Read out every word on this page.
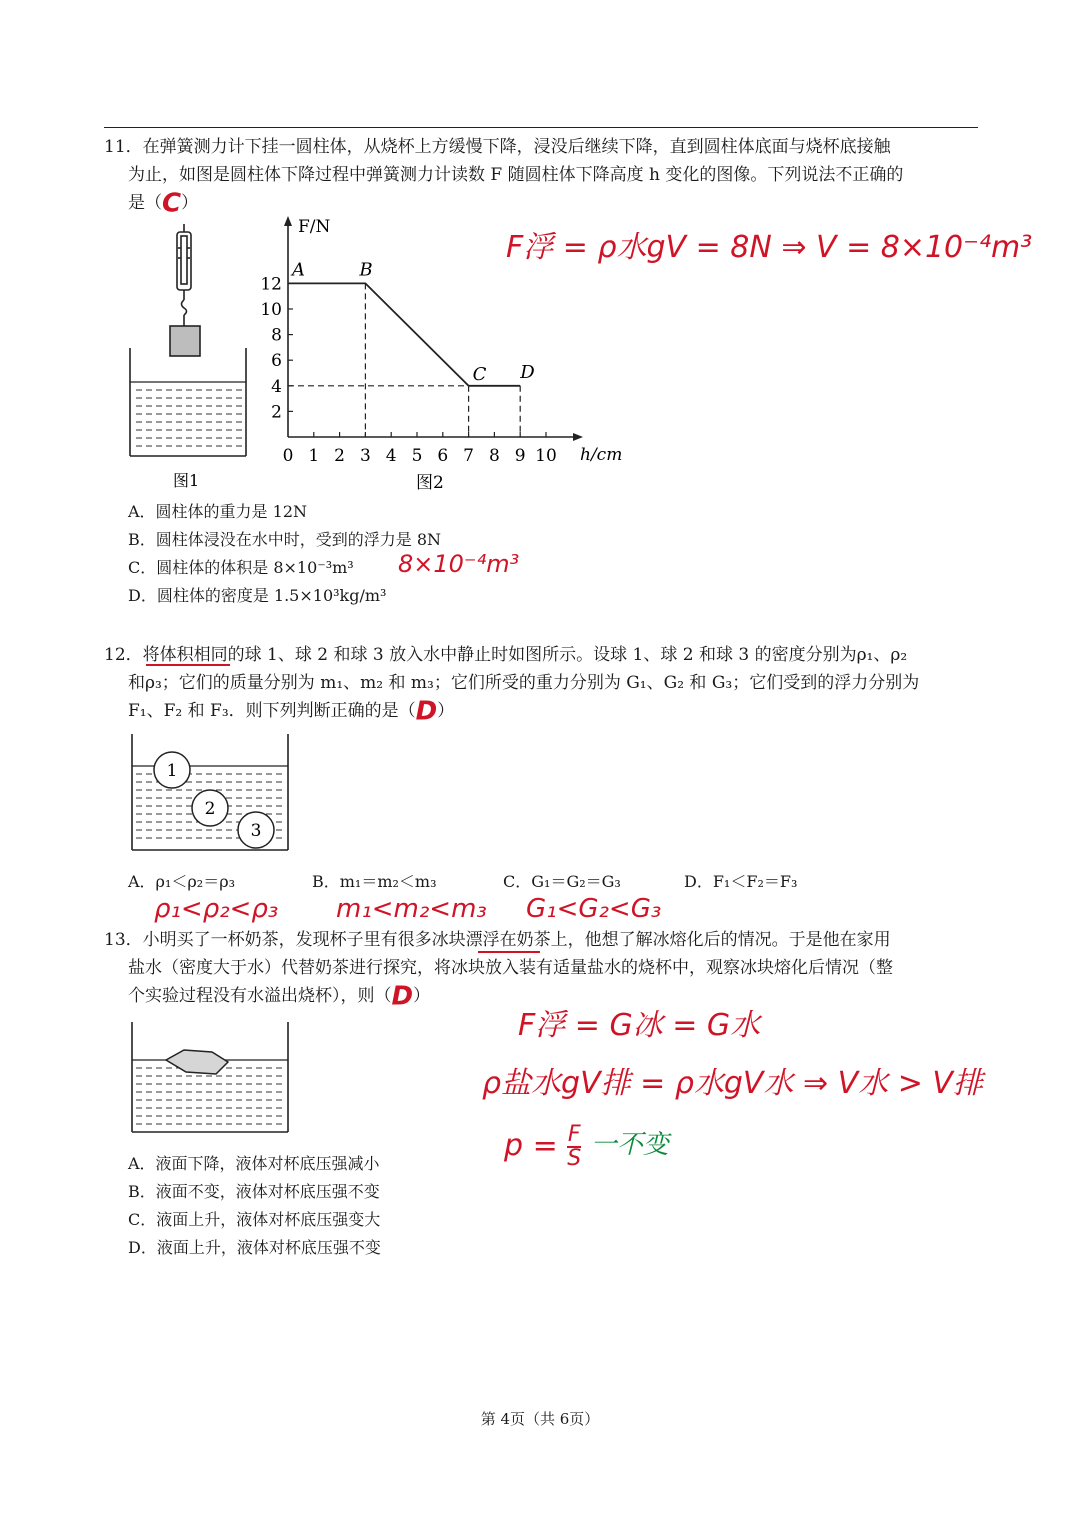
11．在弹簧测力计下挂一圆柱体，从烧杯上方缓慢下降，浸没后继续下降，直到圆柱体底面与烧杯底接触

为止，如图是圆柱体下降过程中弹簧测力计读数 F 随圆柱体下降高度 h 变化的图像。下列说法不正确的

是（C）

图1
F/N
h/cm
12
10
8
6
4
2
0 1 2 3 4 5 6 7 8 9 10
A	B
C D
图2
F浮 = ρ水gV = 8N ⇒ V = 8×10⁻⁴m³
A．圆柱体的重力是 12N
B．圆柱体浸没在水中时，受到的浮力是 8N
C．圆柱体的体积是 8×10⁻³m³
D．圆柱体的密度是 1.5×10³kg/m³
8×10⁻⁴m³

12．将体积相同的球 1、球 2 和球 3 放入水中静止时如图所示。设球 1、球 2 和球 3 的密度分别为ρ₁、ρ₂

和ρ₃；它们的质量分别为 m₁、m₂ 和 m₃；它们所受的重力分别为 G₁、G₂ 和 G₃；它们受到的浮力分别为

F₁、F₂ 和 F₃．则下列判断正确的是（D）

1
2
3
A．ρ₁＜ρ₂＝ρ₃	B．m₁＝m₂＜m₃	C．G₁＝G₂＝G₃	D．F₁＜F₂＝F₃
ρ₁<ρ₂<ρ₃ m₁<m₂<m₃ G₁<G₂<G₃

13．小明买了一杯奶茶，发现杯子里有很多冰块漂浮在奶茶上，他想了解冰熔化后的情况。于是他在家用

盐水（密度大于水）代替奶茶进行探究，将冰块放入装有适量盐水的烧杯中，观察冰块熔化后情况（整

个实验过程没有水溢出烧杯），则（D）

F浮 = G冰 = G水
ρ盐水gV排 = ρ水gV水 ⇒ V水 > V排
$p = \frac{F}{S}$ 一不变
A．液面下降，液体对杯底压强减小
B．液面不变，液体对杯底压强不变
C．液面上升，液体对杯底压强变大
D．液面上升，液体对杯底压强不变
第 4页（共 6页）
